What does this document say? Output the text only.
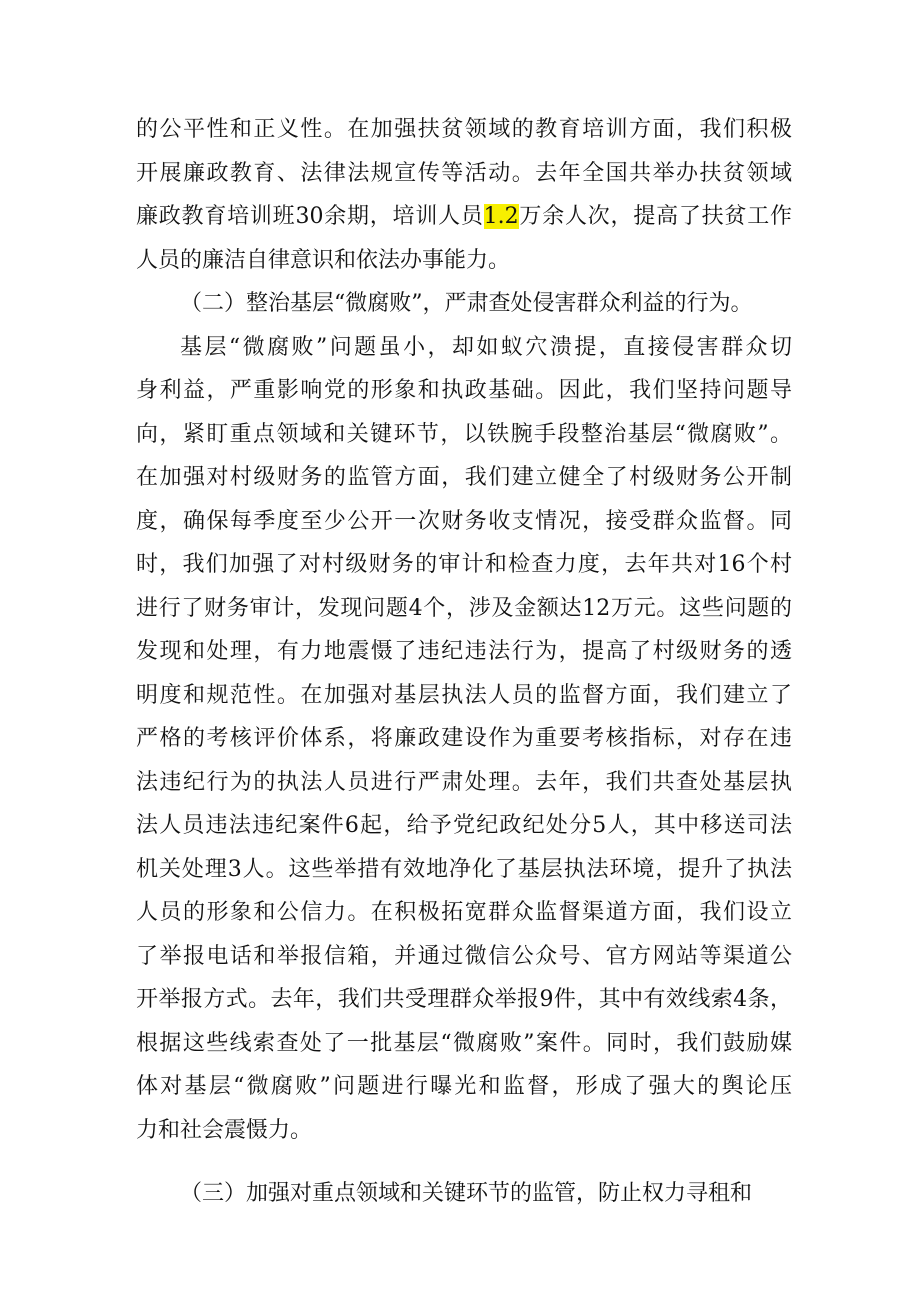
的公平性和正义性。在加强扶贫领域的教育培训方面，我们积极
开展廉政教育、法律法规宣传等活动。去年全国共举办扶贫领域
廉政教育培训班30余期，培训人员1.2万余人次，提高了扶贫工作
人员的廉洁自律意识和依法办事能力。
（二）整治基层“微腐败”，严肃查处侵害群众利益的行为。
基层“微腐败”问题虽小，却如蚁穴溃提，直接侵害群众切
身利益，严重影响党的形象和执政基础。因此，我们坚持问题导
向，紧盯重点领域和关键环节，以铁腕手段整治基层“微腐败”。
在加强对村级财务的监管方面，我们建立健全了村级财务公开制
度，确保每季度至少公开一次财务收支情况，接受群众监督。同
时，我们加强了对村级财务的审计和检查力度，去年共对16个村
进行了财务审计，发现问题4个，涉及金额达12万元。这些问题的
发现和处理，有力地震慑了违纪违法行为，提高了村级财务的透
明度和规范性。在加强对基层执法人员的监督方面，我们建立了
严格的考核评价体系，将廉政建设作为重要考核指标，对存在违
法违纪行为的执法人员进行严肃处理。去年，我们共查处基层执
法人员违法违纪案件6起，给予党纪政纪处分5人，其中移送司法
机关处理3人。这些举措有效地净化了基层执法环境，提升了执法
人员的形象和公信力。在积极拓宽群众监督渠道方面，我们设立
了举报电话和举报信箱，并通过微信公众号、官方网站等渠道公
开举报方式。去年，我们共受理群众举报9件，其中有效线索4条，
根据这些线索查处了一批基层“微腐败”案件。同时，我们鼓励媒
体对基层“微腐败”问题进行曝光和监督，形成了强大的舆论压
力和社会震慑力。
（三）加强对重点领域和关键环节的监管，防止权力寻租和
